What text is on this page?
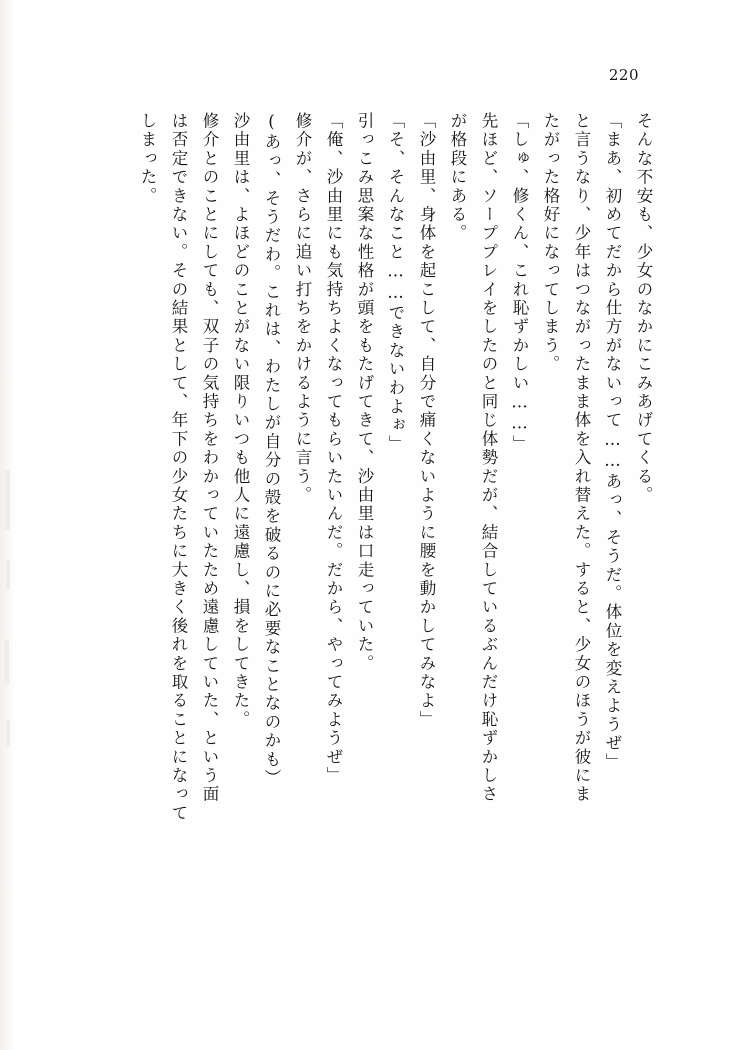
220
そんな不安も、少女のなかにこみあげてくる。
「まあ、初めてだから仕方がないって……あっ、そうだ。体位を変えようぜ」
と言うなり、少年はつながったまま体を入れ替えた。すると、少女のほうが彼にま
たがった格好になってしまう。
「しゅ、修くん、これ恥ずかしい……」
先ほど、ソーププレイをしたのと同じ体勢だが、結合しているぶんだけ恥ずかしさ
が格段にある。
「沙由里、身体を起こして、自分で痛くないように腰を動かしてみなよ」
「そ、そんなこと……できないわよぉ」
引っこみ思案な性格が頭をもたげてきて、沙由里は口走っていた。
「俺、沙由里にも気持ちよくなってもらいたいんだ。だから、やってみようぜ」
修介が、さらに追い打ちをかけるように言う。
(あっ、そうだわ。これは、わたしが自分の殻を破るのに必要なことなのかも）
沙由里は、よほどのことがない限りいつも他人に遠慮し、損をしてきた。
修介とのことにしても、双子の気持ちをわかっていたため遠慮していた、という面
は否定できない。その結果として、年下の少女たちに大きく後れを取ることになって
しまった。
